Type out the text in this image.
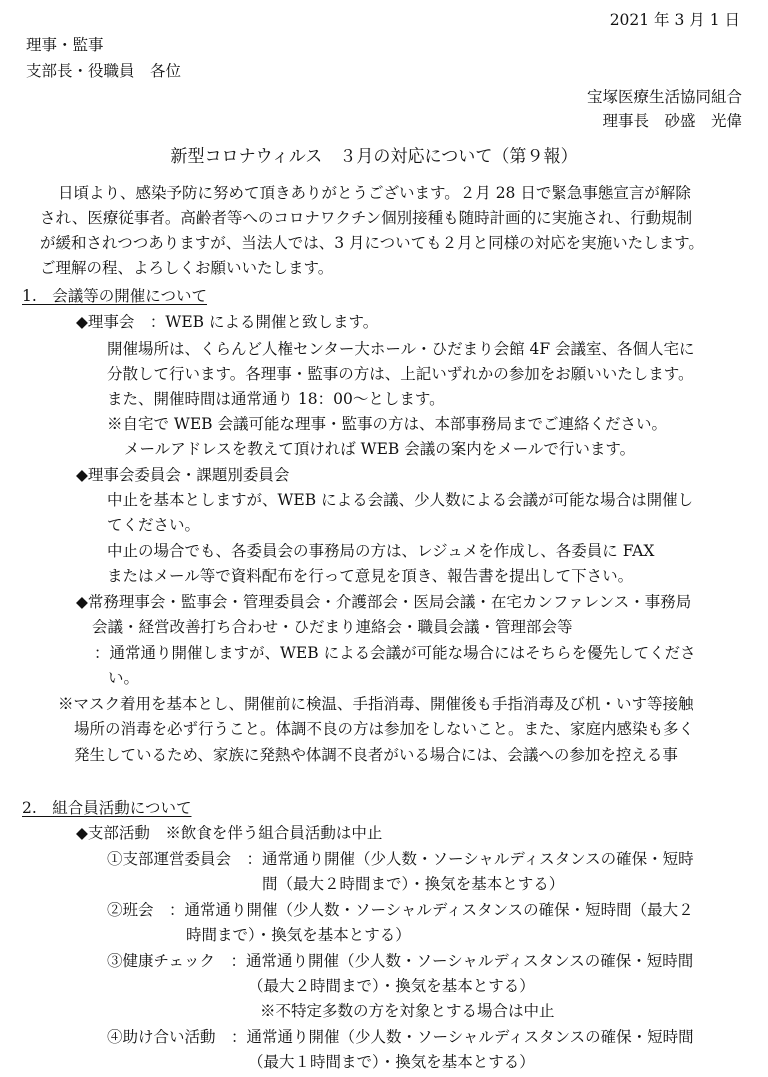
2021 年 3 月 1 日
理事・監事
支部長・役職員　各位
宝塚医療生活協同組合
理事長　砂盛　光偉
新型コロナウィルス　３月の対応について（第９報）
日頃より、感染予防に努めて頂きありがとうございます。２月 28 日で緊急事態宣言が解除
され、医療従事者。高齢者等へのコロナワクチン個別接種も随時計画的に実施され、行動規制
が緩和されつつありますが、当法人では、3 月についても２月と同様の対応を実施いたします。
ご理解の程、よろしくお願いいたします。
1.　会議等の開催について
◆理事会　：WEB による開催と致します。
開催場所は、くらんど人権センター大ホール・ひだまり会館 4F 会議室、各個人宅に
分散して行います。各理事・監事の方は、上記いずれかの参加をお願いいたします。
また、開催時間は通常通り 18：00～とします。
※自宅で WEB 会議可能な理事・監事の方は、本部事務局までご連絡ください。
メールアドレスを教えて頂ければ WEB 会議の案内をメールで行います。
◆理事会委員会・課題別委員会
中止を基本としますが、WEB による会議、少人数による会議が可能な場合は開催し
てください。
中止の場合でも、各委員会の事務局の方は、レジュメを作成し、各委員に FAX
またはメール等で資料配布を行って意見を頂き、報告書を提出して下さい。
◆常務理事会・監事会・管理委員会・介護部会・医局会議・在宅カンファレンス・事務局
会議・経営改善打ち合わせ・ひだまり連絡会・職員会議・管理部会等
：通常通り開催しますが、WEB による会議が可能な場合にはそちらを優先してくださ
い。
※マスク着用を基本とし、開催前に検温、手指消毒、開催後も手指消毒及び机・いす等接触
場所の消毒を必ず行うこと。体調不良の方は参加をしないこと。また、家庭内感染も多く
発生しているため、家族に発熱や体調不良者がいる場合には、会議への参加を控える事
2.　組合員活動について
◆支部活動　※飲食を伴う組合員活動は中止
①支部運営委員会　：通常通り開催（少人数・ソーシャルディスタンスの確保・短時
間（最大２時間まで）・換気を基本とする）
②班会　：通常通り開催（少人数・ソーシャルディスタンスの確保・短時間（最大２
時間まで）・換気を基本とする）
③健康チェック　：通常通り開催（少人数・ソーシャルディスタンスの確保・短時間
（最大２時間まで）・換気を基本とする）
※不特定多数の方を対象とする場合は中止
④助け合い活動　：通常通り開催（少人数・ソーシャルディスタンスの確保・短時間
（最大１時間まで）・換気を基本とする）
